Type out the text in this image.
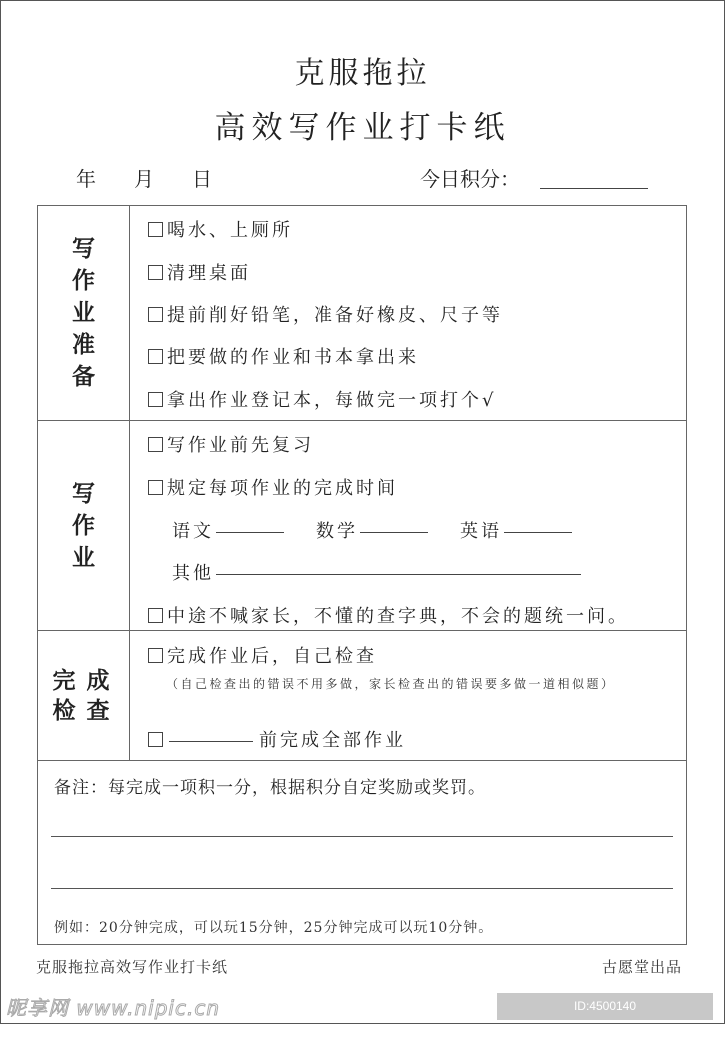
克服拖拉
高效写作业打卡纸
年 月 日	今日积分：
写作业准备
喝水、上厕所
清理桌面
提前削好铅笔，准备好橡皮、尺子等
把要做的作业和书本拿出来
拿出作业登记本，每做完一项打个√
写作业
写作业前先复习
规定每项作业的完成时间
语文	数学	英语
其他
中途不喊家长，不懂的查字典，不会的题统一问。
完 成
检 查
完成作业后，自己检查
（自己检查出的错误不用多做，家长检查出的错误要多做一道相似题）
前完成全部作业
备注：每完成一项积一分，根据积分自定奖励或奖罚。
例如：20分钟完成，可以玩15分钟，25分钟完成可以玩10分钟。
克服拖拉高效写作业打卡纸	古愿堂出品
昵享网 www.nipic.cn	ID:4500140 NO:20230329103733397104
